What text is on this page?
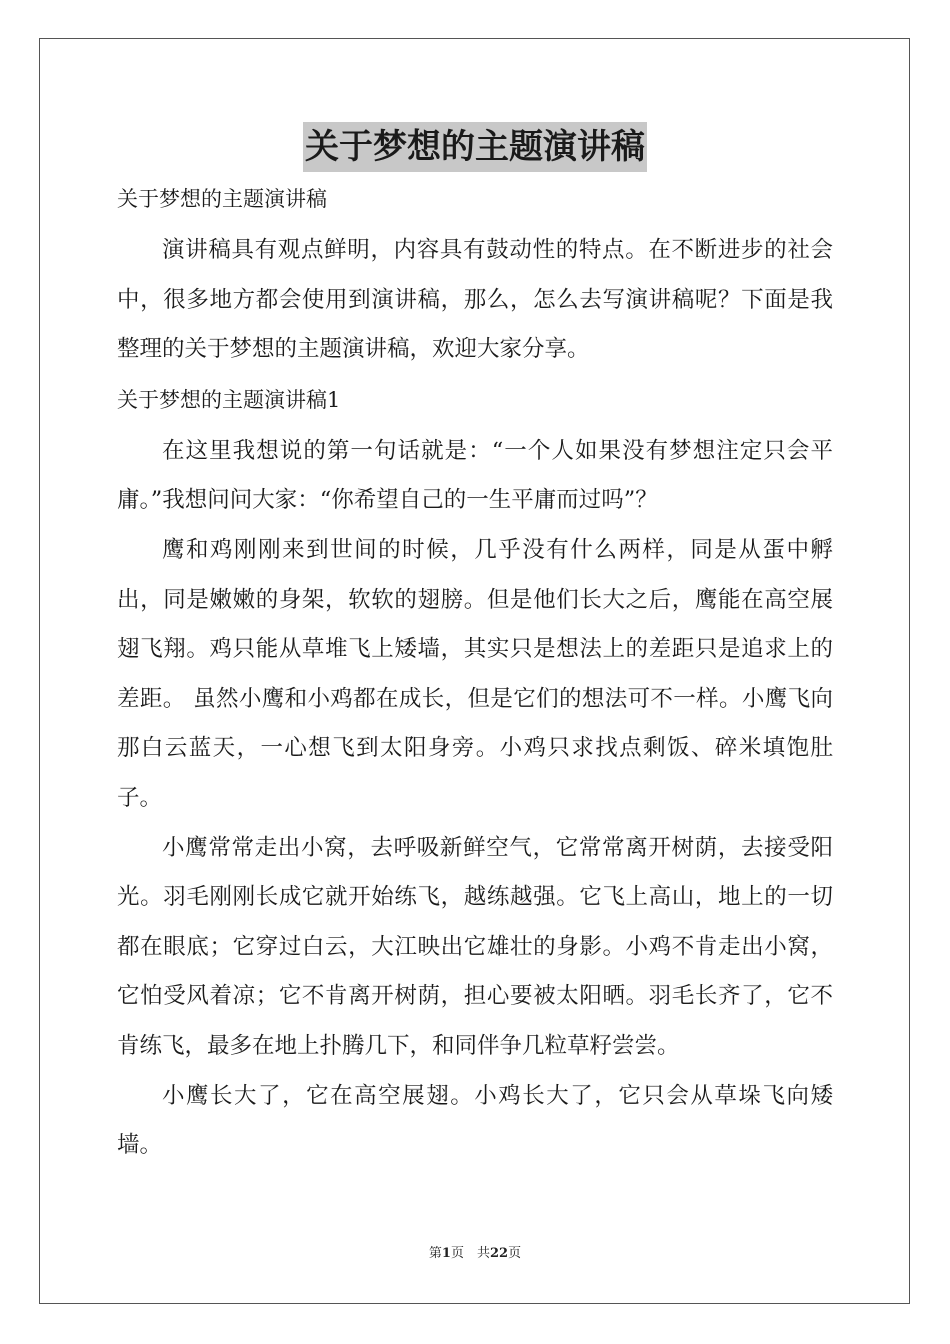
关于梦想的主题演讲稿
关于梦想的主题演讲稿

演讲稿具有观点鲜明，内容具有鼓动性的特点。在不断进步的社会中，很多地方都会使用到演讲稿，那么，怎么去写演讲稿呢？下面是我整理的关于梦想的主题演讲稿，欢迎大家分享。

关于梦想的主题演讲稿1

在这里我想说的第一句话就是：“一个人如果没有梦想注定只会平庸。”我想问问大家：“你希望自己的一生平庸而过吗”？

鹰和鸡刚刚来到世间的时候，几乎没有什么两样，同是从蛋中孵出，同是嫩嫩的身架，软软的翅膀。但是他们长大之后，鹰能在高空展翅飞翔。鸡只能从草堆飞上矮墙，其实只是想法上的差距只是追求上的差距。 虽然小鹰和小鸡都在成长，但是它们的想法可不一样。小鹰飞向那白云蓝天，一心想飞到太阳身旁。小鸡只求找点剩饭、碎米填饱肚子。

小鹰常常走出小窝，去呼吸新鲜空气，它常常离开树荫，去接受阳光。羽毛刚刚长成它就开始练飞，越练越强。它飞上高山，地上的一切都在眼底；它穿过白云，大江映出它雄壮的身影。小鸡不肯走出小窝，它怕受风着凉；它不肯离开树荫，担心要被太阳晒。羽毛长齐了，它不肯练飞，最多在地上扑腾几下，和同伴争几粒草籽尝尝。

小鹰长大了，它在高空展翅。小鸡长大了，它只会从草垛飞向矮墙。

第1页　共22页
